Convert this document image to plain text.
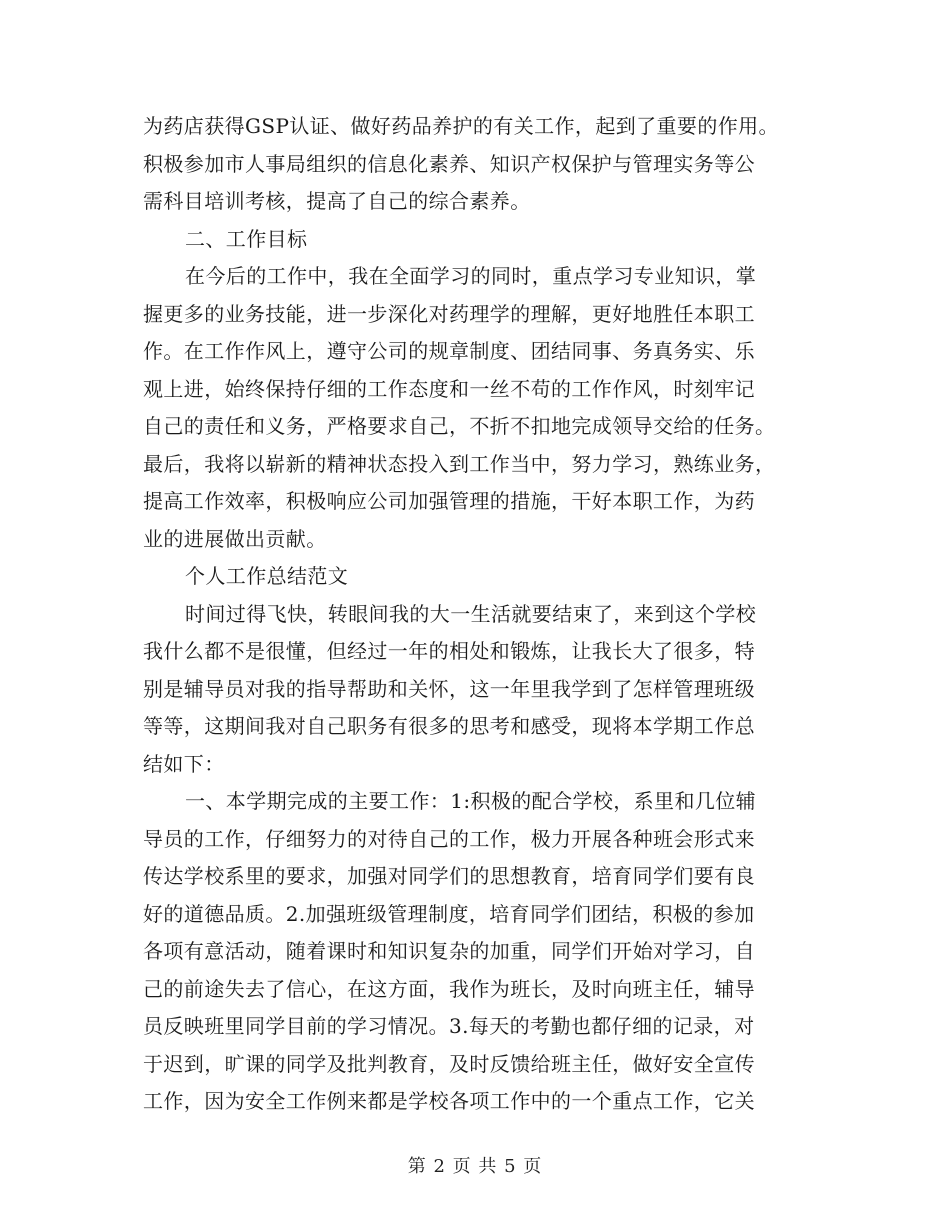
为药店获得GSP认证、做好药品养护的有关工作，起到了重要的作用。
积极参加市人事局组织的信息化素养、知识产权保护与管理实务等公
需科目培训考核，提高了自己的综合素养。
二、工作目标
在今后的工作中，我在全面学习的同时，重点学习专业知识，掌
握更多的业务技能，进一步深化对药理学的理解，更好地胜任本职工
作。在工作作风上，遵守公司的规章制度、团结同事、务真务实、乐
观上进，始终保持仔细的工作态度和一丝不苟的工作作风，时刻牢记
自己的责任和义务，严格要求自己，不折不扣地完成领导交给的任务。
最后，我将以崭新的精神状态投入到工作当中，努力学习，熟练业务，
提高工作效率，积极响应公司加强管理的措施，干好本职工作，为药
业的进展做出贡献。
个人工作总结范文
时间过得飞快，转眼间我的大一生活就要结束了，来到这个学校
我什么都不是很懂，但经过一年的相处和锻炼，让我长大了很多，特
别是辅导员对我的指导帮助和关怀，这一年里我学到了怎样管理班级
等等，这期间我对自己职务有很多的思考和感受，现将本学期工作总
结如下：
一、本学期完成的主要工作：1:积极的配合学校，系里和几位辅
导员的工作，仔细努力的对待自己的工作，极力开展各种班会形式来
传达学校系里的要求，加强对同学们的思想教育，培育同学们要有良
好的道德品质。2.加强班级管理制度，培育同学们团结，积极的参加
各项有意活动，随着课时和知识复杂的加重，同学们开始对学习，自
己的前途失去了信心，在这方面，我作为班长，及时向班主任，辅导
员反映班里同学目前的学习情况。3.每天的考勤也都仔细的记录，对
于迟到，旷课的同学及批判教育，及时反馈给班主任，做好安全宣传
工作，因为安全工作例来都是学校各项工作中的一个重点工作，它关
第 2 页 共 5 页
